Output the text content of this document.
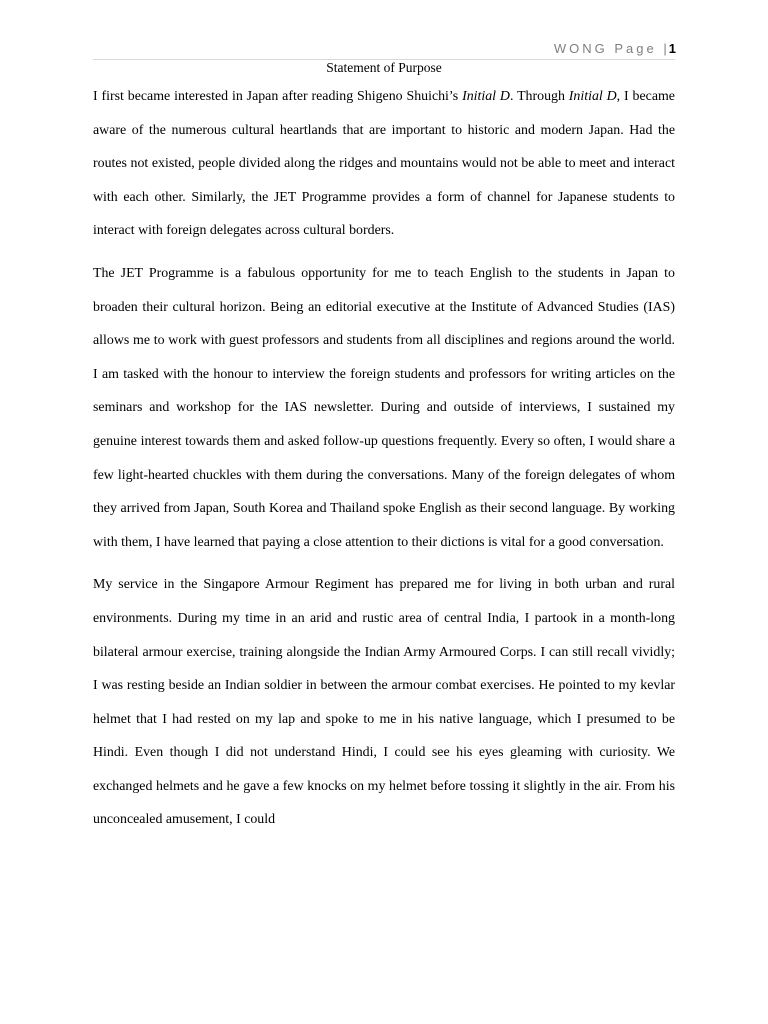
WONG Page |1
Statement of Purpose

I first became interested in Japan after reading Shigeno Shuichi’s Initial D. Through Initial D, I became aware of the numerous cultural heartlands that are important to historic and modern Japan. Had the routes not existed, people divided along the ridges and mountains would not be able to meet and interact with each other. Similarly, the JET Programme provides a form of channel for Japanese students to interact with foreign delegates across cultural borders.

The JET Programme is a fabulous opportunity for me to teach English to the students in Japan to broaden their cultural horizon. Being an editorial executive at the Institute of Advanced Studies (IAS) allows me to work with guest professors and students from all disciplines and regions around the world. I am tasked with the honour to interview the foreign students and professors for writing articles on the seminars and workshop for the IAS newsletter. During and outside of interviews, I sustained my genuine interest towards them and asked follow-up questions frequently. Every so often, I would share a few light-hearted chuckles with them during the conversations. Many of the foreign delegates of whom they arrived from Japan, South Korea and Thailand spoke English as their second language. By working with them, I have learned that paying a close attention to their dictions is vital for a good conversation.

My service in the Singapore Armour Regiment has prepared me for living in both urban and rural environments. During my time in an arid and rustic area of central India, I partook in a month-long bilateral armour exercise, training alongside the Indian Army Armoured Corps. I can still recall vividly; I was resting beside an Indian soldier in between the armour combat exercises. He pointed to my kevlar helmet that I had rested on my lap and spoke to me in his native language, which I presumed to be Hindi. Even though I did not understand Hindi, I could see his eyes gleaming with curiosity. We exchanged helmets and he gave a few knocks on my helmet before tossing it slightly in the air. From his unconcealed amusement, I could
